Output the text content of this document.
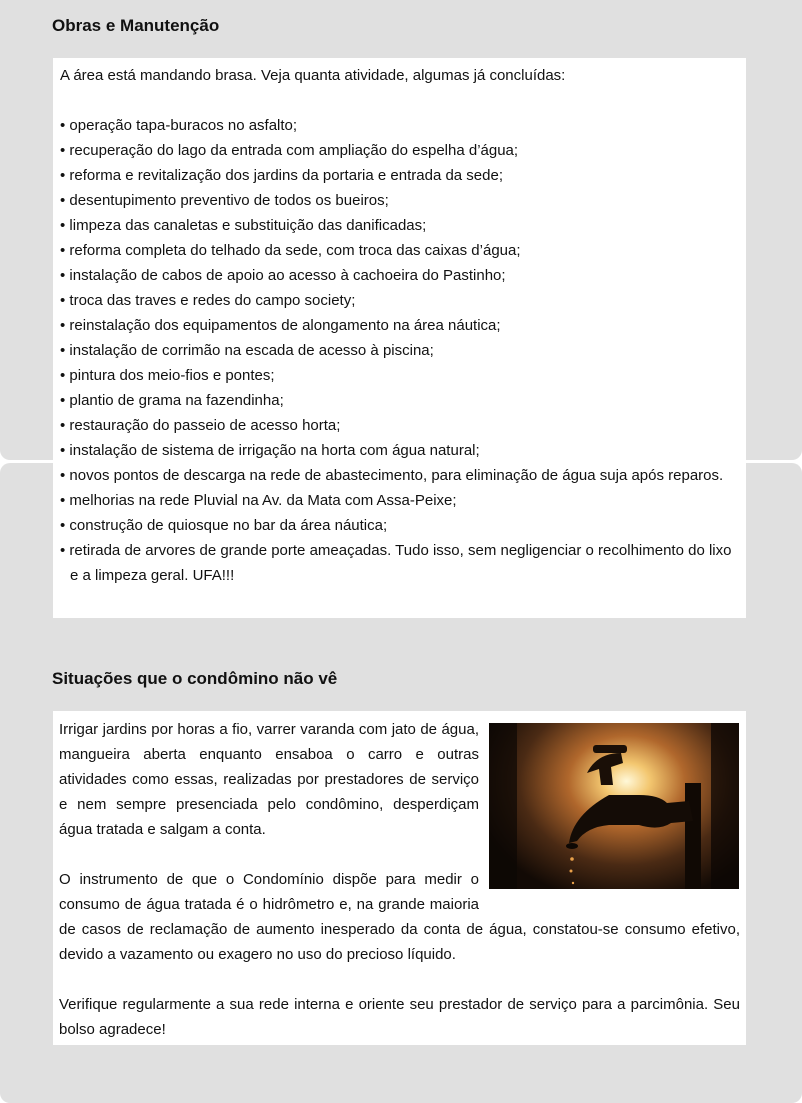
Obras e Manutenção

A área está mandando brasa. Veja quanta atividade, algumas já concluídas:

• operação tapa-buracos no asfalto;
• recuperação do lago da entrada com ampliação do espelha d’água;
• reforma e revitalização dos jardins da portaria e entrada da sede;
• desentupimento preventivo de todos os bueiros;
• limpeza das canaletas e substituição das danificadas;
• reforma completa do telhado da sede, com troca das caixas d’água;
• instalação de cabos de apoio ao acesso à cachoeira do Pastinho;
• troca das traves e redes do campo society;
• reinstalação dos equipamentos de alongamento na área náutica;
• instalação de corrimão na escada de acesso à piscina;
• pintura dos meio-fios e pontes;
• plantio de grama na fazendinha;
• restauração do passeio de acesso horta;
• instalação de sistema de irrigação na horta com água natural;
• novos pontos de descarga na rede de abastecimento, para eliminação de água suja após reparos.
• melhorias na rede Pluvial na Av. da Mata com Assa-Peixe;
• construção de quiosque no bar da área náutica;
• retirada de arvores de grande porte ameaçadas. Tudo isso, sem negligenciar o recolhimento do lixo e a limpeza geral. UFA!!!
Situações que o condômino não vê

Irrigar jardins por horas a fio, varrer varanda com jato de água, mangueira aberta enquanto ensaboa o carro e outras atividades como essas, realizadas por prestadores de serviço e nem sempre presenciada pelo condômino, desperdiçam água tratada e salgam a conta.

O instrumento de que o Condomínio dispõe para medir o consumo de água tratada é o hidrômetro e, na grande maioria de casos de reclamação de aumento inesperado da conta de água, constatou-se consumo efetivo, devido a vazamento ou exagero no uso do precioso líquido.

Verifique regularmente a sua rede interna e oriente seu prestador de serviço para a parcimônia. Seu bolso agradece!
